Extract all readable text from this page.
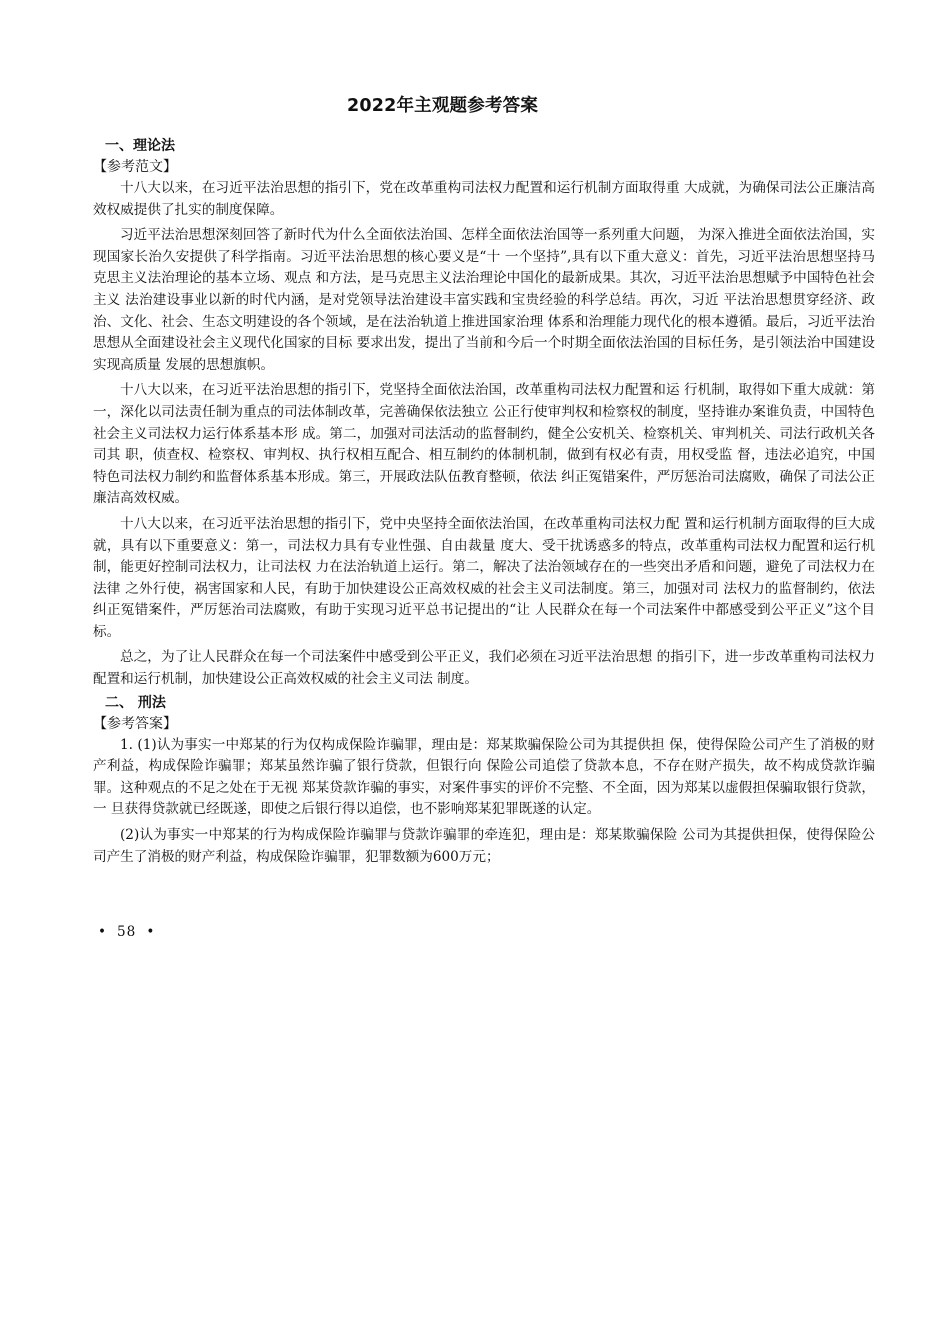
2022年主观题参考答案
一、理论法
【参考范文】

十八大以来，在习近平法治思想的指引下，党在改革重构司法权力配置和运行机制方面取得重 大成就，为确保司法公正廉洁高效权威提供了扎实的制度保障。

习近平法治思想深刻回答了新时代为什么全面依法治国、怎样全面依法治国等一系列重大问题， 为深入推进全面依法治国，实现国家长治久安提供了科学指南。习近平法治思想的核心要义是“十 一个坚持”,具有以下重大意义：首先，习近平法治思想坚持马克思主义法治理论的基本立场、观点 和方法，是马克思主义法治理论中国化的最新成果。其次，习近平法治思想赋予中国特色社会主义 法治建设事业以新的时代内涵，是对党领导法治建设丰富实践和宝贵经验的科学总结。再次，习近 平法治思想贯穿经济、政治、文化、社会、生态文明建设的各个领域，是在法治轨道上推进国家治理 体系和治理能力现代化的根本遵循。最后，习近平法治思想从全面建设社会主义现代化国家的目标 要求出发，提出了当前和今后一个时期全面依法治国的目标任务，是引领法治中国建设实现高质量 发展的思想旗帜。

十八大以来，在习近平法治思想的指引下，党坚持全面依法治国，改革重构司法权力配置和运 行机制，取得如下重大成就：第一，深化以司法责任制为重点的司法体制改革，完善确保依法独立 公正行使审判权和检察权的制度，坚持谁办案谁负责，中国特色社会主义司法权力运行体系基本形 成。第二，加强对司法活动的监督制约，健全公安机关、检察机关、审判机关、司法行政机关各司其 职，侦查权、检察权、审判权、执行权相互配合、相互制约的体制机制，做到有权必有责，用权受监 督，违法必追究，中国特色司法权力制约和监督体系基本形成。第三，开展政法队伍教育整顿，依法 纠正冤错案件，严厉惩治司法腐败，确保了司法公正廉洁高效权威。

十八大以来，在习近平法治思想的指引下，党中央坚持全面依法治国，在改革重构司法权力配 置和运行机制方面取得的巨大成就，具有以下重要意义：第一，司法权力具有专业性强、自由裁量 度大、受干扰诱惑多的特点，改革重构司法权力配置和运行机制，能更好控制司法权力，让司法权 力在法治轨道上运行。第二，解决了法治领域存在的一些突出矛盾和问题，避免了司法权力在法律 之外行使，祸害国家和人民，有助于加快建设公正高效权威的社会主义司法制度。第三，加强对司 法权力的监督制约，依法纠正冤错案件，严厉惩治司法腐败，有助于实现习近平总书记提出的“让 人民群众在每一个司法案件中都感受到公平正义”这个目标。

总之，为了让人民群众在每一个司法案件中感受到公平正义，我们必须在习近平法治思想 的指引下，进一步改革重构司法权力配置和运行机制，加快建设公正高效权威的社会主义司法 制度。

二、 刑法
【参考答案】

1. (1)认为事实一中郑某的行为仅构成保险诈骗罪，理由是：郑某欺骗保险公司为其提供担 保，使得保险公司产生了消极的财产利益，构成保险诈骗罪；郑某虽然诈骗了银行贷款，但银行向 保险公司追偿了贷款本息，不存在财产损失，故不构成贷款诈骗罪。这种观点的不足之处在于无视 郑某贷款诈骗的事实，对案件事实的评价不完整、不全面，因为郑某以虚假担保骗取银行贷款， 一 旦获得贷款就已经既遂，即使之后银行得以追偿，也不影响郑某犯罪既遂的认定。

(2)认为事实一中郑某的行为构成保险诈骗罪与贷款诈骗罪的牵连犯，理由是：郑某欺骗保险 公司为其提供担保，使得保险公司产生了消极的财产利益，构成保险诈骗罪，犯罪数额为600万元；

• 58 •
